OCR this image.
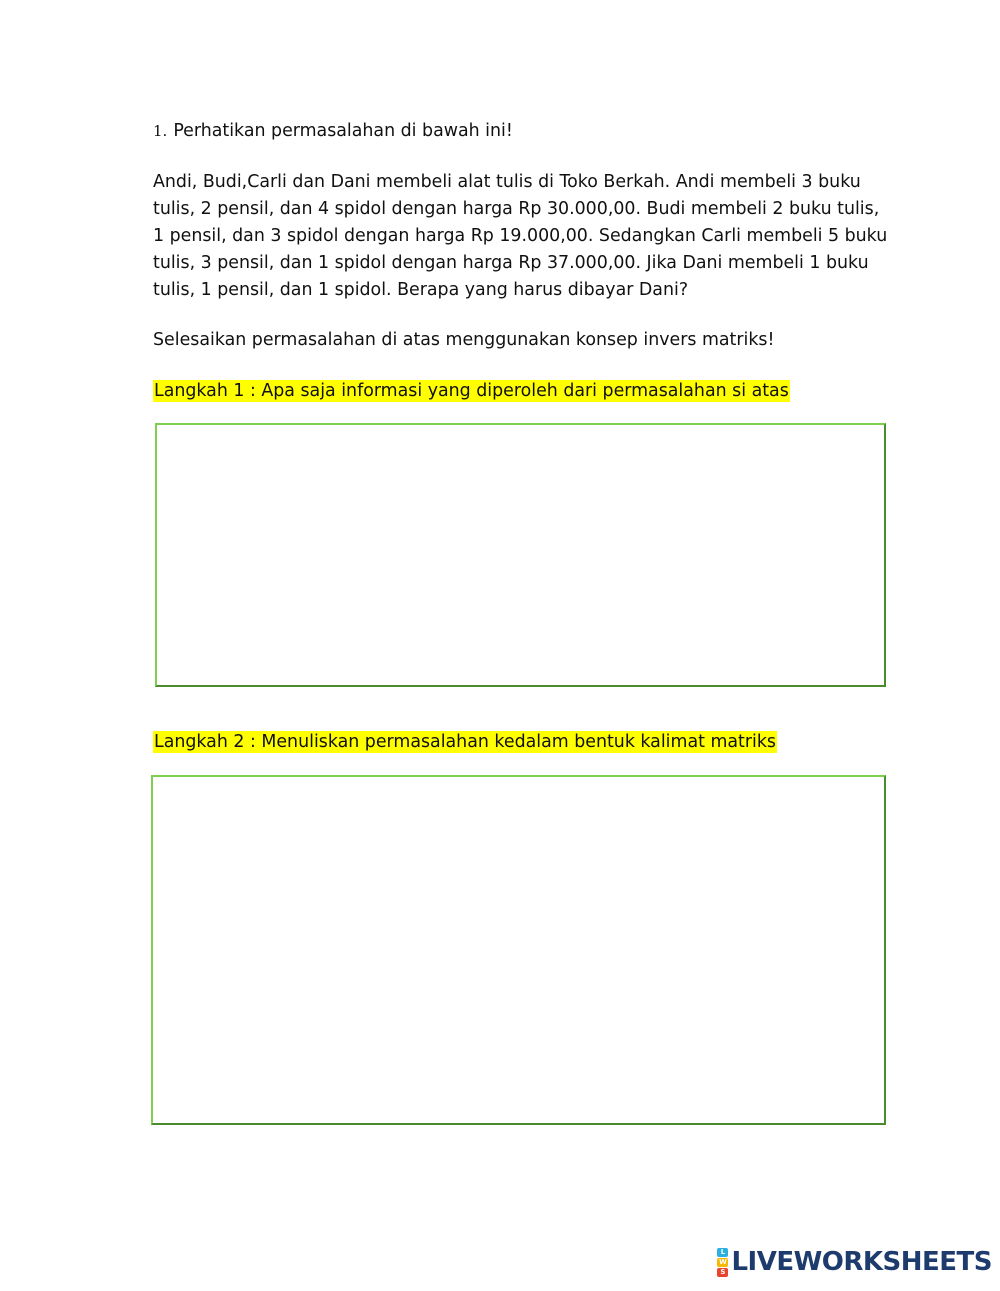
1. Perhatikan permasalahan di bawah ini!
Andi, Budi,Carli dan Dani membeli alat tulis di Toko Berkah. Andi membeli 3 buku
tulis, 2 pensil, dan 4 spidol dengan harga Rp 30.000,00. Budi membeli 2 buku tulis,
1 pensil, dan 3 spidol dengan harga Rp 19.000,00. Sedangkan Carli membeli 5 buku
tulis, 3 pensil, dan 1 spidol dengan harga Rp 37.000,00. Jika Dani membeli 1 buku
tulis, 1 pensil, dan 1 spidol. Berapa yang harus dibayar Dani?
Selesaikan permasalahan di atas menggunakan konsep invers matriks!
Langkah 1 : Apa saja informasi yang diperoleh dari permasalahan si atas
Langkah 2 : Menuliskan permasalahan kedalam bentuk kalimat matriks
L
W
S LIVEWORKSHEETS
